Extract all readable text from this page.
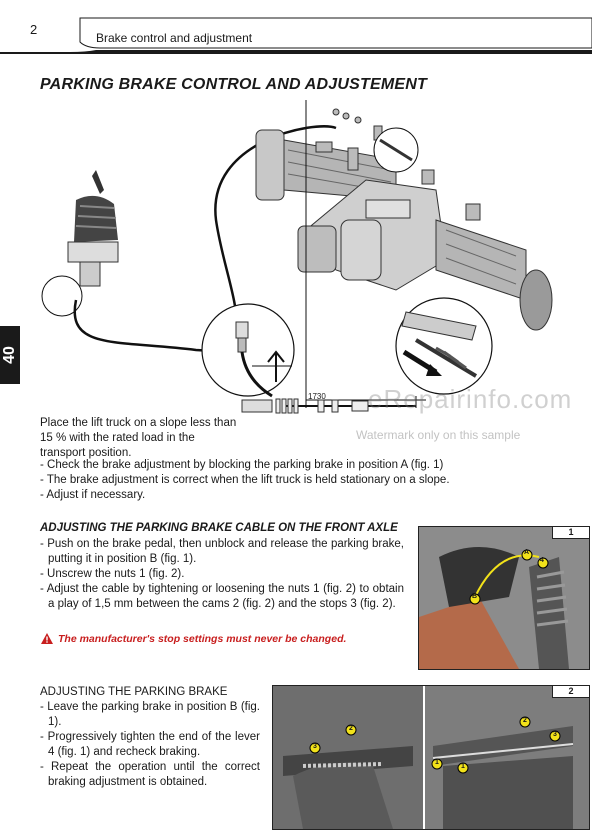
2
Brake control and adjustment
40
PARKING BRAKE CONTROL AND ADJUSTEMENT
1730 eRepairinfo.com
Watermark only on this sample
Place the lift truck on a slope less than 15 % with the rated load in the transport position.
- Check the brake adjustment by blocking the parking brake in position A (fig. 1)
- The brake adjustment is correct when the lift truck is held stationary on a slope.
- Adjust if necessary.
ADJUSTING THE PARKING BRAKE CABLE ON THE FRONT AXLE
- Push on the brake pedal, then unblock and release the parking brake, putting it in position B (fig. 1).
- Unscrew the nuts 1 (fig. 2).
- Adjust the cable by tightening or loosening the nuts 1 (fig. 2) to obtain a play of 1,5 mm between the cams 2 (fig. 2) and the stops 3 (fig. 2).
The manufacturer's stop settings must never be changed.
ADJUSTING THE PARKING BRAKE
- Leave the parking brake in position B (fig. 1).
- Progressively tighten the end of the lever 4 (fig. 1) and recheck braking.
- Repeat the operation until the correct braking adjustment is obtained.
1
A
4
B
2
2
3
1
1
2
3
